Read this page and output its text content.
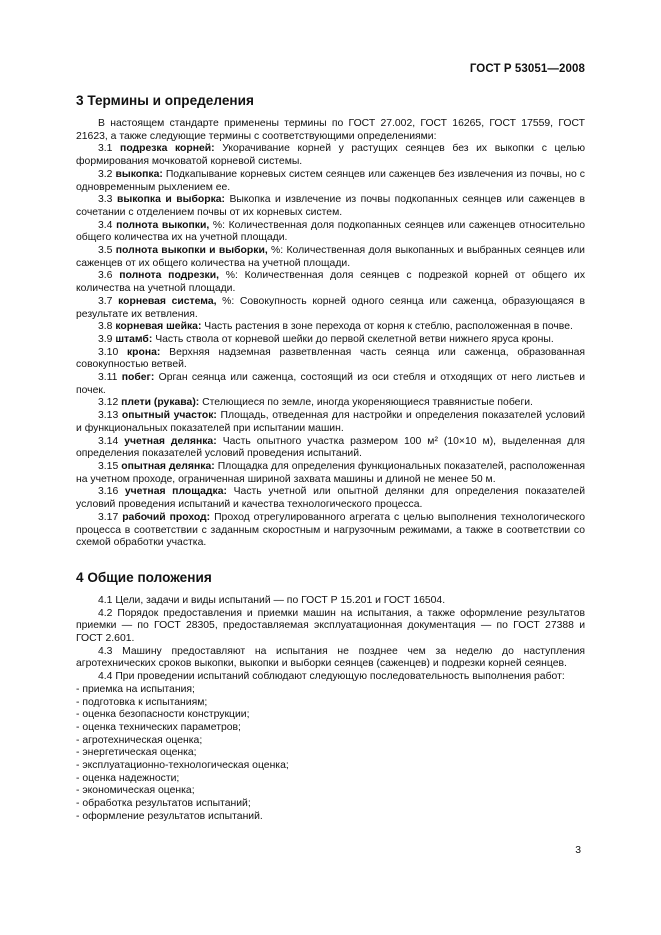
ГОСТ Р 53051—2008
3 Термины и определения

В настоящем стандарте применены термины по ГОСТ 27.002, ГОСТ 16265, ГОСТ 17559, ГОСТ 21623, а также следующие термины с соответствующими определениями:

3.1 подрезка корней: Укорачивание корней у растущих сеянцев без их выкопки с целью формирования мочковатой корневой системы.

3.2 выкопка: Подкапывание корневых систем сеянцев или саженцев без извлечения из почвы, но с одновременным рыхлением ее.

3.3 выкопка и выборка: Выкопка и извлечение из почвы подкопанных сеянцев или саженцев в сочетании с отделением почвы от их корневых систем.

3.4 полнота выкопки, %: Количественная доля подкопанных сеянцев или саженцев относительно общего количества их на учетной площади.

3.5 полнота выкопки и выборки, %: Количественная доля выкопанных и выбранных сеянцев или саженцев от их общего количества на учетной площади.

3.6 полнота подрезки, %: Количественная доля сеянцев с подрезкой корней от общего их количества на учетной площади.

3.7 корневая система, %: Совокупность корней одного сеянца или саженца, образующаяся в результате их ветвления.

3.8 корневая шейка: Часть растения в зоне перехода от корня к стеблю, расположенная в почве.

3.9 штамб: Часть ствола от корневой шейки до первой скелетной ветви нижнего яруса кроны.

3.10 крона: Верхняя надземная разветвленная часть сеянца или саженца, образованная совокупностью ветвей.

3.11 побег: Орган сеянца или саженца, состоящий из оси стебля и отходящих от него листьев и почек.

3.12 плети (рукава): Стелющиеся по земле, иногда укореняющиеся травянистые побеги.

3.13 опытный участок: Площадь, отведенная для настройки и определения показателей условий и функциональных показателей при испытании машин.

3.14 учетная делянка: Часть опытного участка размером 100 м² (10×10 м), выделенная для определения показателей условий проведения испытаний.

3.15 опытная делянка: Площадка для определения функциональных показателей, расположенная на учетном проходе, ограниченная шириной захвата машины и длиной не менее 50 м.

3.16 учетная площадка: Часть учетной или опытной делянки для определения показателей условий проведения испытаний и качества технологического процесса.

3.17 рабочий проход: Проход отрегулированного агрегата с целью выполнения технологического процесса в соответствии с заданным скоростным и нагрузочным режимами, а также в соответствии со схемой обработки участка.

4 Общие положения

4.1 Цели, задачи и виды испытаний — по ГОСТ Р 15.201 и ГОСТ 16504.

4.2 Порядок предоставления и приемки машин на испытания, а также оформление результатов приемки — по ГОСТ 28305, предоставляемая эксплуатационная документация — по ГОСТ 27388 и ГОСТ 2.601.

4.3 Машину предоставляют на испытания не позднее чем за неделю до наступления агротехнических сроков выкопки, выкопки и выборки сеянцев (саженцев) и подрезки корней сеянцев.

4.4 При проведении испытаний соблюдают следующую последовательность выполнения работ:

- приемка на испытания;
- подготовка к испытаниям;
- оценка безопасности конструкции;
- оценка технических параметров;
- агротехническая оценка;
- энергетическая оценка;
- эксплуатационно-технологическая оценка;
- оценка надежности;
- экономическая оценка;
- обработка результатов испытаний;
- оформление результатов испытаний.
3
